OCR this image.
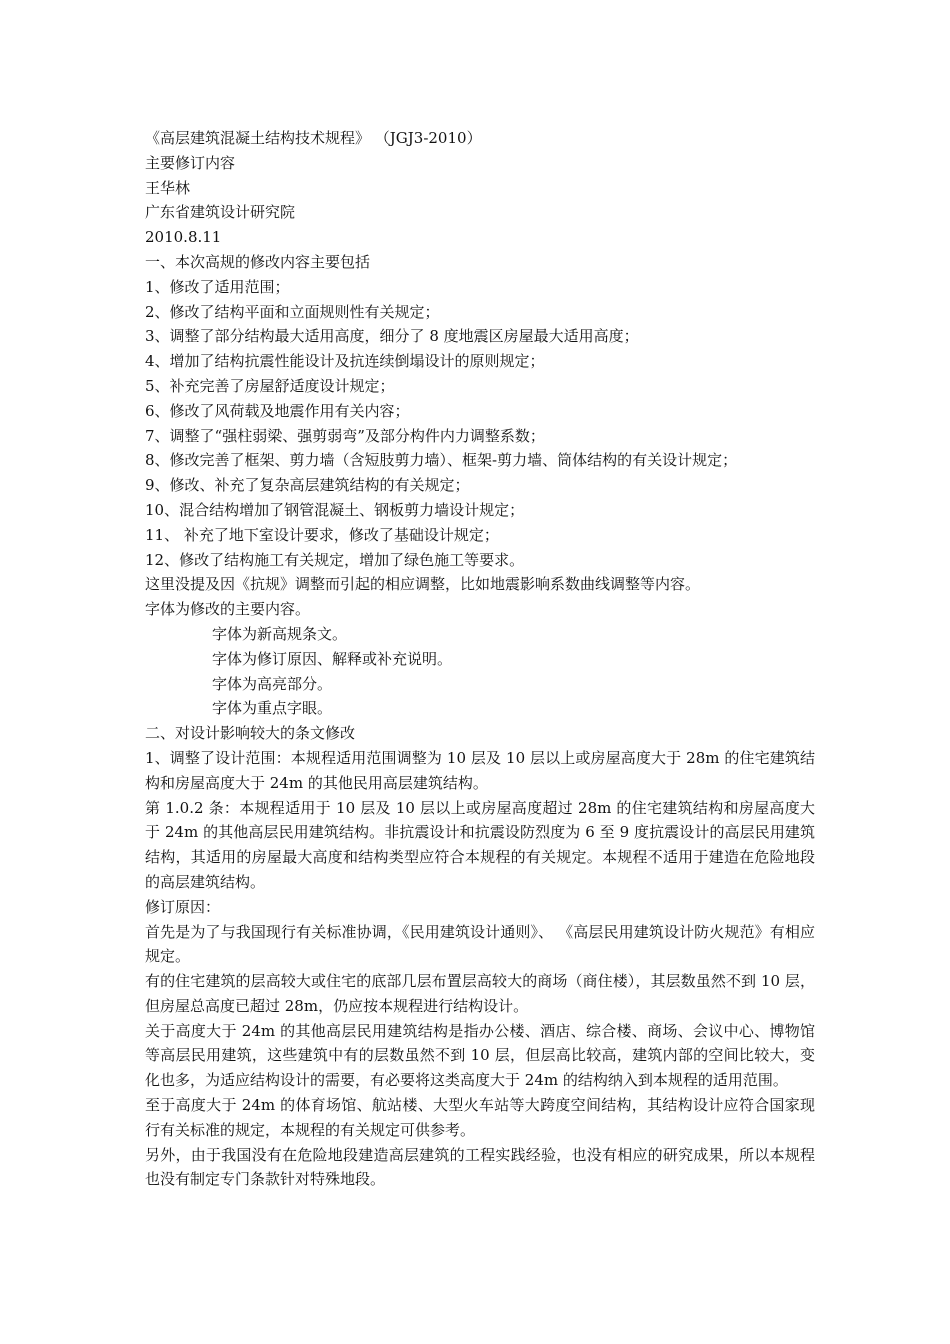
《高层建筑混凝土结构技术规程》 （JGJ3-2010）
主要修订内容
王华林
广东省建筑设计研究院
2010.8.11
一、本次高规的修改内容主要包括
1、修改了适用范围；
2、修改了结构平面和立面规则性有关规定；
3、调整了部分结构最大适用高度，细分了 8 度地震区房屋最大适用高度；
4、增加了结构抗震性能设计及抗连续倒塌设计的原则规定；
5、补充完善了房屋舒适度设计规定；
6、修改了风荷载及地震作用有关内容；
7、调整了“强柱弱梁、强剪弱弯”及部分构件内力调整系数；
8、修改完善了框架、剪力墙（含短肢剪力墙）、框架-剪力墙、筒体结构的有关设计规定；
9、修改、补充了复杂高层建筑结构的有关规定；
10、混合结构增加了钢管混凝土、钢板剪力墙设计规定；
11、 补充了地下室设计要求，修改了基础设计规定；
12、修改了结构施工有关规定，增加了绿色施工等要求。
这里没提及因《抗规》调整而引起的相应调整，比如地震影响系数曲线调整等内容。
字体为修改的主要内容。
字体为新高规条文。
字体为修订原因、解释或补充说明。
字体为高亮部分。
字体为重点字眼。
二、对设计影响较大的条文修改
1、调整了设计范围：本规程适用范围调整为 10 层及 10 层以上或房屋高度大于 28m 的住宅建筑结构和房屋高度大于 24m 的其他民用高层建筑结构。
第 1.0.2 条：本规程适用于 10 层及 10 层以上或房屋高度超过 28m 的住宅建筑结构和房屋高度大于 24m 的其他高层民用建筑结构。非抗震设计和抗震设防烈度为 6 至 9 度抗震设计的高层民用建筑结构，其适用的房屋最大高度和结构类型应符合本规程的有关规定。本规程不适用于建造在危险地段的高层建筑结构。
修订原因：
首先是为了与我国现行有关标准协调，《民用建筑设计通则》、 《高层民用建筑设计防火规范》有相应规定。
有的住宅建筑的层高较大或住宅的底部几层布置层高较大的商场（商住楼），其层数虽然不到 10 层，但房屋总高度已超过 28m，仍应按本规程进行结构设计。
关于高度大于 24m 的其他高层民用建筑结构是指办公楼、酒店、综合楼、商场、会议中心、博物馆等高层民用建筑，这些建筑中有的层数虽然不到 10 层，但层高比较高，建筑内部的空间比较大，变化也多，为适应结构设计的需要，有必要将这类高度大于 24m 的结构纳入到本规程的适用范围。
至于高度大于 24m 的体育场馆、航站楼、大型火车站等大跨度空间结构，其结构设计应符合国家现行有关标准的规定，本规程的有关规定可供参考。
另外，由于我国没有在危险地段建造高层建筑的工程实践经验，也没有相应的研究成果，所以本规程也没有制定专门条款针对特殊地段。
